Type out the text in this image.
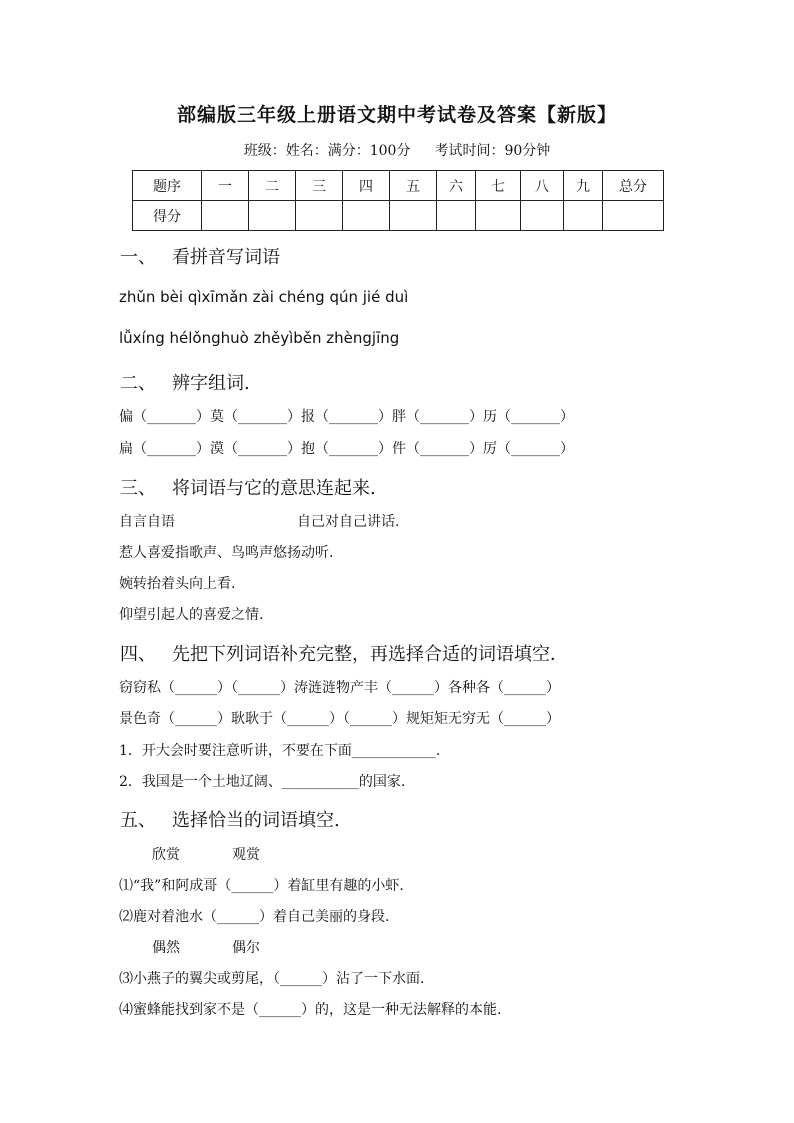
部编版三年级上册语文期中考试卷及答案【新版】
班级：姓名：满分：100分 考试时间：90分钟
题序	一	二	三	四	五	六	七	八	九	总分
得分										
一、 看拼音写词语
zhǔn bèi qìxīmǎn zài chéng qún jié duì
lǚxíng hélǒnghuò zhěyìběn zhèngjīng
二、 辨字组词.
偏（_______）莫（_______）报（_______）胖（_______）历（_______）
扁（_______）漠（_______）抱（_______）件（_______）厉（_______）
三、 将词语与它的意思连起来.
自言自语	自己对自己讲话.
惹人喜爱指歌声、鸟鸣声悠扬动听.
婉转抬着头向上看.
仰望引起人的喜爱之情.
四、 先把下列词语补充完整，再选择合适的词语填空．
窃窃私（______）（______）涛涟涟物产丰（______）各种各（______）
景色奇（______）耿耿于（______）（______）规矩矩无穷无（______）
1．开大会时要注意听讲，不要在下面____________.
2．我国是一个土地辽阔、___________的国家.
五、 选择恰当的词语填空.
欣赏	观赏
⑴“我”和阿成哥（______）着缸里有趣的小虾.
⑵鹿对着池水（______）着自己美丽的身段.
偶然	偶尔
⑶小燕子的翼尖或剪尾，（______）沾了一下水面.
⑷蜜蜂能找到家不是（______）的，这是一种无法解释的本能.
